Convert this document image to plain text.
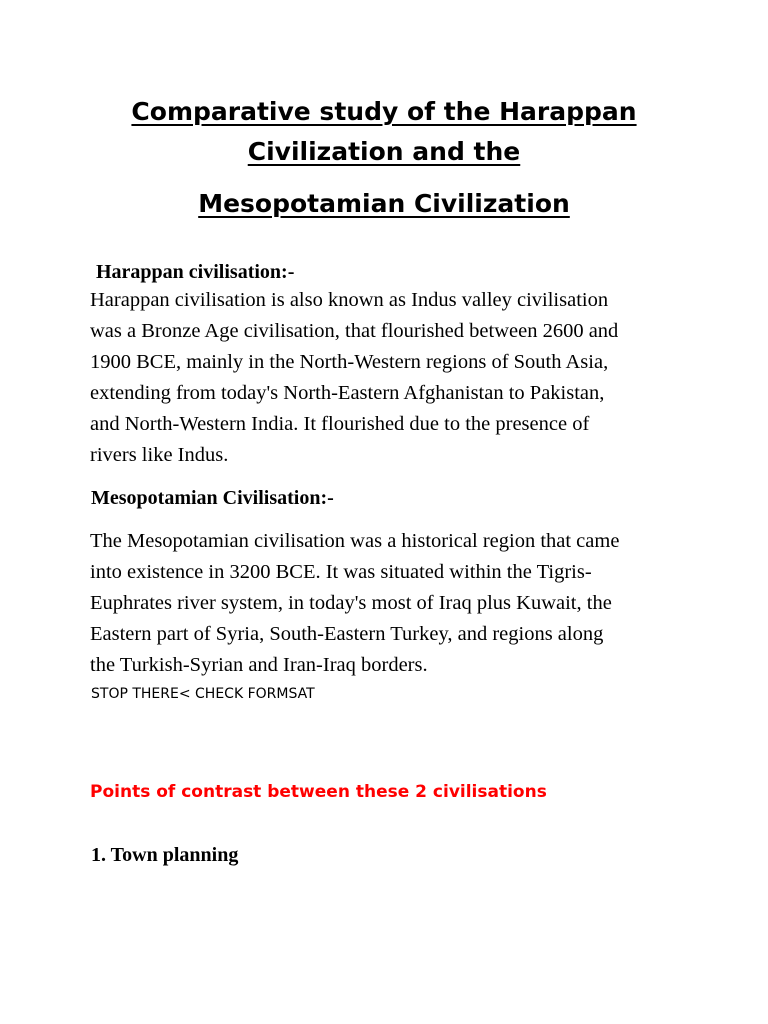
Comparative study of the Harappan
Civilization and the
Mesopotamian Civilization
Harappan civilisation:-

Harappan civilisation is also known as Indus valley civilisation
was a Bronze Age civilisation, that flourished between 2600 and
1900 BCE, mainly in the North-Western regions of South Asia,
extending from today's North-Eastern Afghanistan to Pakistan,
and North-Western India. It flourished due to the presence of
rivers like Indus.

Mesopotamian Civilisation:-

The Mesopotamian civilisation was a historical region that came
into existence in 3200 BCE. It was situated within the Tigris-
Euphrates river system, in today's most of Iraq plus Kuwait, the
Eastern part of Syria, South-Eastern Turkey, and regions along
the Turkish-Syrian and Iran-Iraq borders.

STOP THERE< CHECK FORMSAT
Points of contrast between these 2 civilisations
1. Town planning
